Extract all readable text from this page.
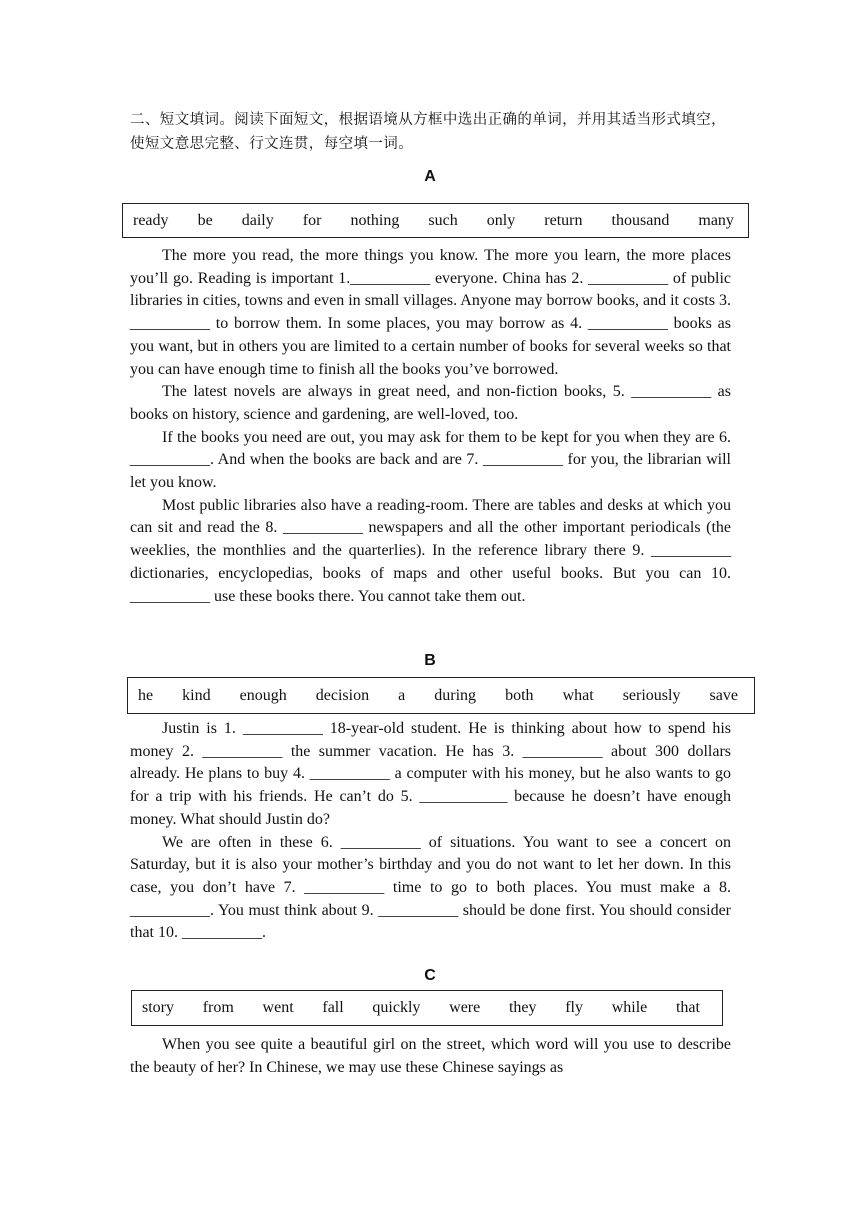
二、短文填词。阅读下面短文，根据语境从方框中选出正确的单词，并用其适当形式填空，使短文意思完整、行文连贯，每空填一词。
A
ready be daily for nothing such only return thousand many

The more you read, the more things you know. The more you learn, the more places you’ll go. Reading is important 1.__________ everyone. China has 2. __________ of public libraries in cities, towns and even in small villages. Anyone may borrow books, and it costs 3. __________ to borrow them. In some places, you may borrow as 4. __________ books as you want, but in others you are limited to a certain number of books for several weeks so that you can have enough time to finish all the books you’ve borrowed.

The latest novels are always in great need, and non-fiction books, 5. __________ as books on history, science and gardening, are well-loved, too.

If the books you need are out, you may ask for them to be kept for you when they are 6. __________. And when the books are back and are 7. __________ for you, the librarian will let you know.

Most public libraries also have a reading-room. There are tables and desks at which you can sit and read the 8. __________ newspapers and all the other important periodicals (the weeklies, the monthlies and the quarterlies). In the reference library there 9. __________ dictionaries, encyclopedias, books of maps and other useful books. But you can 10. __________ use these books there. You cannot take them out.

B
he kind enough decision a during both what seriously save

Justin is 1. __________ 18-year-old student. He is thinking about how to spend his money 2. __________ the summer vacation. He has 3. __________ about 300 dollars already. He plans to buy 4. __________ a computer with his money, but he also wants to go for a trip with his friends. He can’t do 5. ___________ because he doesn’t have enough money. What should Justin do?

We are often in these 6. __________ of situations. You want to see a concert on Saturday, but it is also your mother’s birthday and you do not want to let her down. In this case, you don’t have 7. __________ time to go to both places. You must make a 8. __________. You must think about 9. __________ should be done first. You should consider that 10. __________.

C
story from went fall quickly were they fly while that

When you see quite a beautiful girl on the street, which word will you use to describe the beauty of her? In Chinese, we may use these Chinese sayings as
